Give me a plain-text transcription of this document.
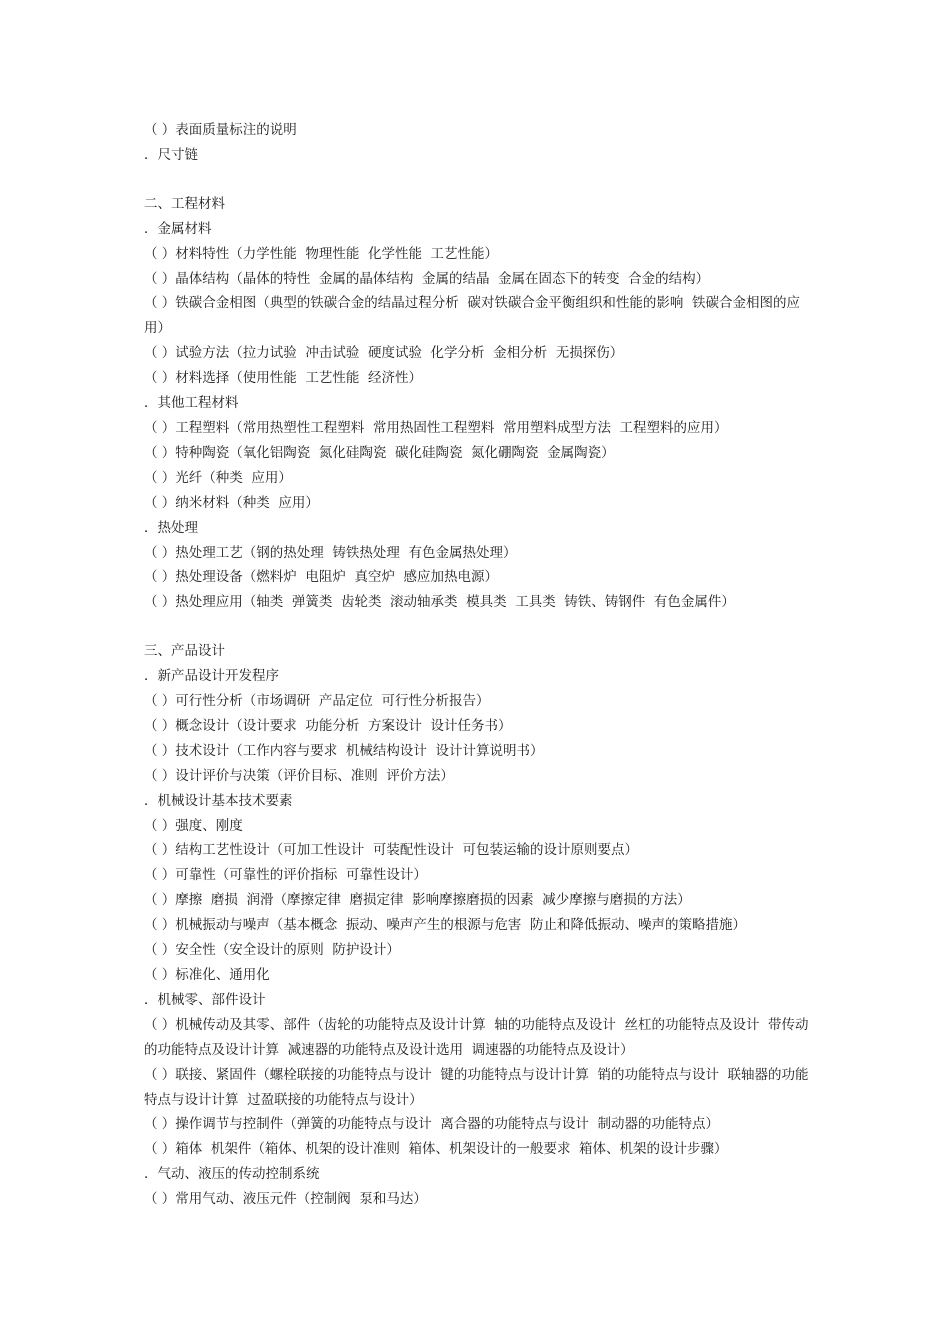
（ ）表面质量标注的说明
．尺寸链
二、工程材料
．金属材料
（ ）材料特性（力学性能  物理性能  化学性能  工艺性能）
（ ）晶体结构（晶体的特性  金属的晶体结构  金属的结晶  金属在固态下的转变  合金的结构）
（ ）铁碳合金相图（典型的铁碳合金的结晶过程分析  碳对铁碳合金平衡组织和性能的影响  铁碳合金相图的应用）
（ ）试验方法（拉力试验  冲击试验  硬度试验  化学分析  金相分析  无损探伤）
（ ）材料选择（使用性能  工艺性能  经济性）
．其他工程材料
（ ）工程塑料（常用热塑性工程塑料  常用热固性工程塑料  常用塑料成型方法  工程塑料的应用）
（ ）特种陶瓷（氧化铝陶瓷  氮化硅陶瓷  碳化硅陶瓷  氮化硼陶瓷  金属陶瓷）
（ ）光纤（种类  应用）
（ ）纳米材料（种类  应用）
．热处理
（ ）热处理工艺（钢的热处理  铸铁热处理  有色金属热处理）
（ ）热处理设备（燃料炉  电阻炉  真空炉  感应加热电源）
（ ）热处理应用（轴类  弹簧类  齿轮类  滚动轴承类  模具类  工具类  铸铁、铸钢件  有色金属件）
三、产品设计
．新产品设计开发程序
（ ）可行性分析（市场调研  产品定位  可行性分析报告）
（ ）概念设计（设计要求  功能分析  方案设计  设计任务书）
（ ）技术设计（工作内容与要求  机械结构设计  设计计算说明书）
（ ）设计评价与决策（评价目标、准则  评价方法）
．机械设计基本技术要素
（ ）强度、刚度
（ ）结构工艺性设计（可加工性设计  可装配性设计  可包装运输的设计原则要点）
（ ）可靠性（可靠性的评价指标  可靠性设计）
（ ）摩擦  磨损  润滑（摩擦定律  磨损定律  影响摩擦磨损的因素  减少摩擦与磨损的方法）
（ ）机械振动与噪声（基本概念  振动、噪声产生的根源与危害  防止和降低振动、噪声的策略措施）
（ ）安全性（安全设计的原则  防护设计）
（ ）标准化、通用化
．机械零、部件设计
（ ）机械传动及其零、部件（齿轮的功能特点及设计计算  轴的功能特点及设计  丝杠的功能特点及设计  带传动的功能特点及设计计算  减速器的功能特点及设计选用  调速器的功能特点及设计）
（ ）联接、紧固件（螺栓联接的功能特点与设计  键的功能特点与设计计算  销的功能特点与设计  联轴器的功能特点与设计计算  过盈联接的功能特点与设计）
（ ）操作调节与控制件（弹簧的功能特点与设计  离合器的功能特点与设计  制动器的功能特点）
（ ）箱体  机架件（箱体、机架的设计准则  箱体、机架设计的一般要求  箱体、机架的设计步骤）
．气动、液压的传动控制系统
（ ）常用气动、液压元件（控制阀  泵和马达）
